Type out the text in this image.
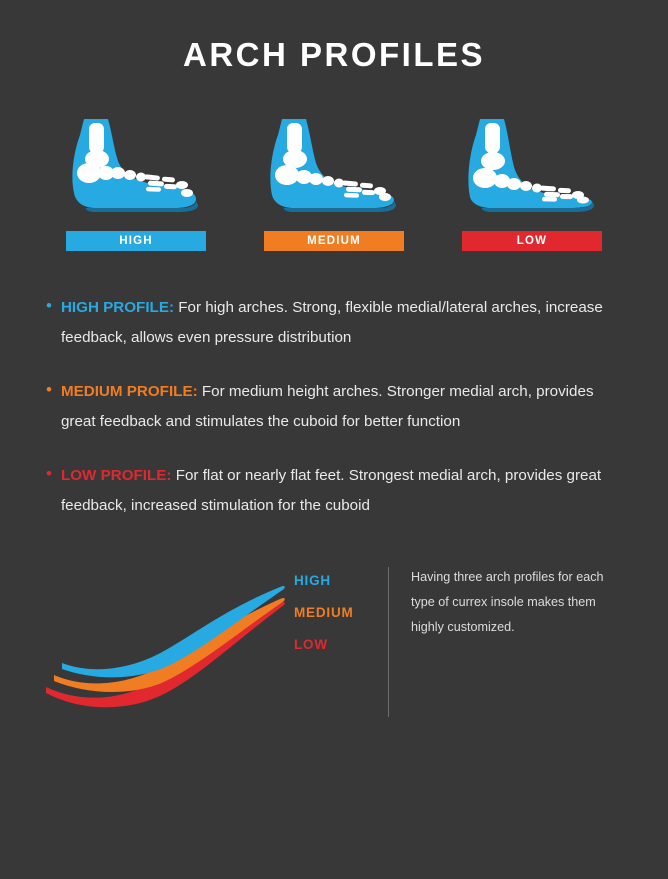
ARCH PROFILES
HIGH	MEDIUM	LOW
• HIGH PROFILE: For high arches. Strong, flexible medial/lateral arches, increase feedback, allows even pressure distribution
• MEDIUM PROFILE: For medium height arches. Stronger medial arch, provides great feedback and stimulates the cuboid for better function
• LOW PROFILE: For flat or nearly flat feet. Strongest medial arch, provides great feedback, increased stimulation for the cuboid
HIGH
MEDIUM
LOW
Having three arch profiles for each type of currex insole makes them highly customized.
